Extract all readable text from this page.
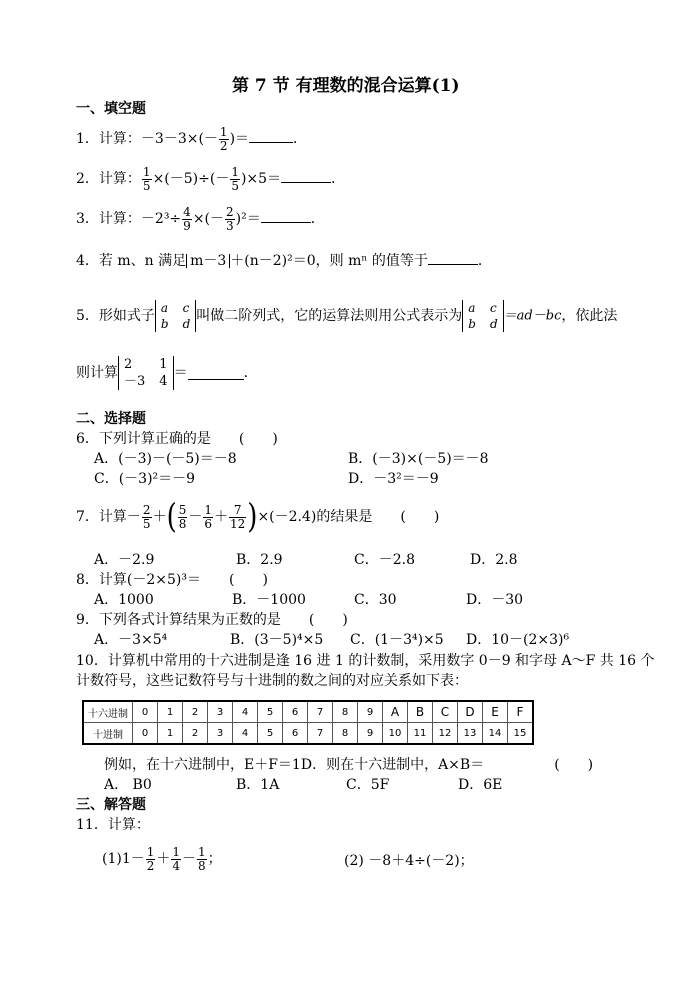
第 7 节 有理数的混合运算(1)
一、填空题
1．计算：$-3-3\times(- \frac{1}{2}$ )＝	．
2．计算： $\frac{1}{5} \times(-5)\div(- \frac{1}{5} )\times 5=$	．
3．计算：$-2^3\div \frac{4}{9}$ ×(－ $\frac{2}{3} )^2=$	．
4．若 m、n 满足 m－3 ＋(n－2)²＝0，则 mⁿ 的值等于	．
5．形如式子 a c
b d 叫做二阶列式，它的运算法则用公式表示为 a c
b d
＝ad－bc，依此法
则计算
2	1
－3 4
＝	．
二、选择题
6．下列计算正确的是　　(　　)
A．(－3)－(－5)＝－8	B．(－3)×(－5)＝－8
C．(－3)²＝－9	D．－3²＝－9
7．计算－ $\frac{2}{5}$ ＋( $\frac{5}{8} - \frac{1}{6} + \frac{7}{12} )\times(-2.4)$的结果是　　(　　)
A．－2.9	B．2.9	C．－2.8	D．2.8
8．计算(－2×5)³＝　　(　　)
A．1000	B．－1000	C．30	D．－30
9．下列各式计算结果为正数的是　　(　　)
A．－3×5⁴	B．(3－5)⁴×5 C．(1－3⁴)×5 D．10－(2×3)⁶
10．计算机中常用的十六进制是逢 16 进 1 的计数制，采用数字 0－9 和字母 A～F 共 16 个
计数符号，这些记数符号与十进制的数之间的对应关系如下表：
十六进制	0	1	2	3	4	5	6	7	8	9	A	B	C	D	E	F
十进制	0	1	2	3	4	5	6	7	8	9	10	11	12	13	14	15
例如，在十六进制中，E＋F＝1D．则在十六进制中，A×B＝　　　　　(　　)
A． B0	B．1A	C．5F	D．6E
三、解答题
11．计算：
$(1)1- \frac{1}{2} + \frac{1}{4} - \frac{1}{8}$ ；	(2) －8＋4÷(－2)；
